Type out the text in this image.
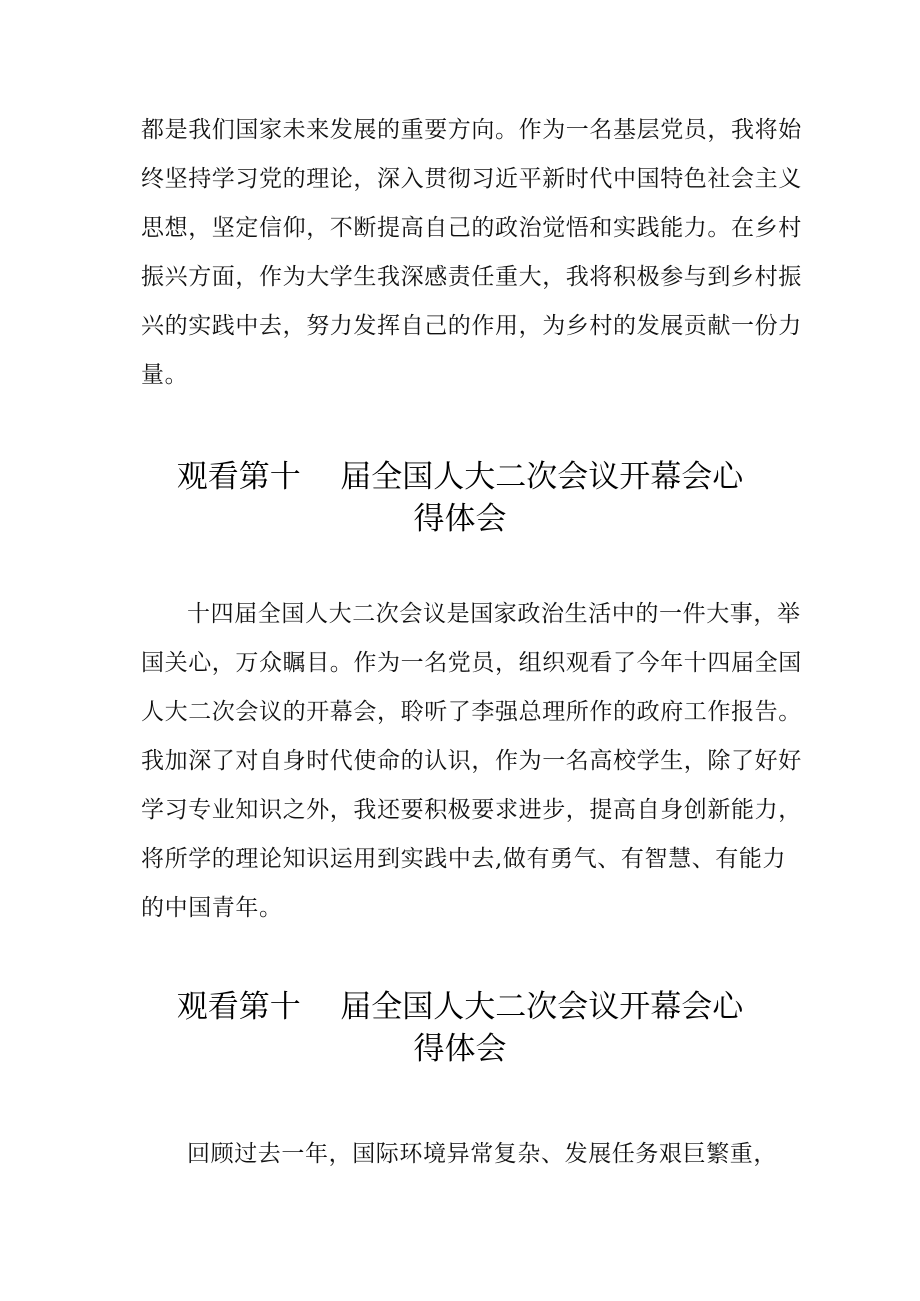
都是我们国家未来发展的重要方向。作为一名基层党员，我将始
终坚持学习党的理论，深入贯彻习近平新时代中国特色社会主义
思想，坚定信仰，不断提高自己的政治觉悟和实践能力。在乡村
振兴方面，作为大学生我深感责任重大，我将积极参与到乡村振
兴的实践中去，努力发挥自己的作用，为乡村的发展贡献一份力
量。
观看第十    届全国人大二次会议开幕会心
得体会
十四届全国人大二次会议是国家政治生活中的一件大事，举
国关心，万众瞩目。作为一名党员，组织观看了今年十四届全国
人大二次会议的开幕会，聆听了李强总理所作的政府工作报告。
我加深了对自身时代使命的认识，作为一名高校学生，除了好好
学习专业知识之外，我还要积极要求进步，提高自身创新能力，
将所学的理论知识运用到实践中去,做有勇气、有智慧、有能力
的中国青年。
观看第十    届全国人大二次会议开幕会心
得体会
回顾过去一年，国际环境异常复杂、发展任务艰巨繁重，
